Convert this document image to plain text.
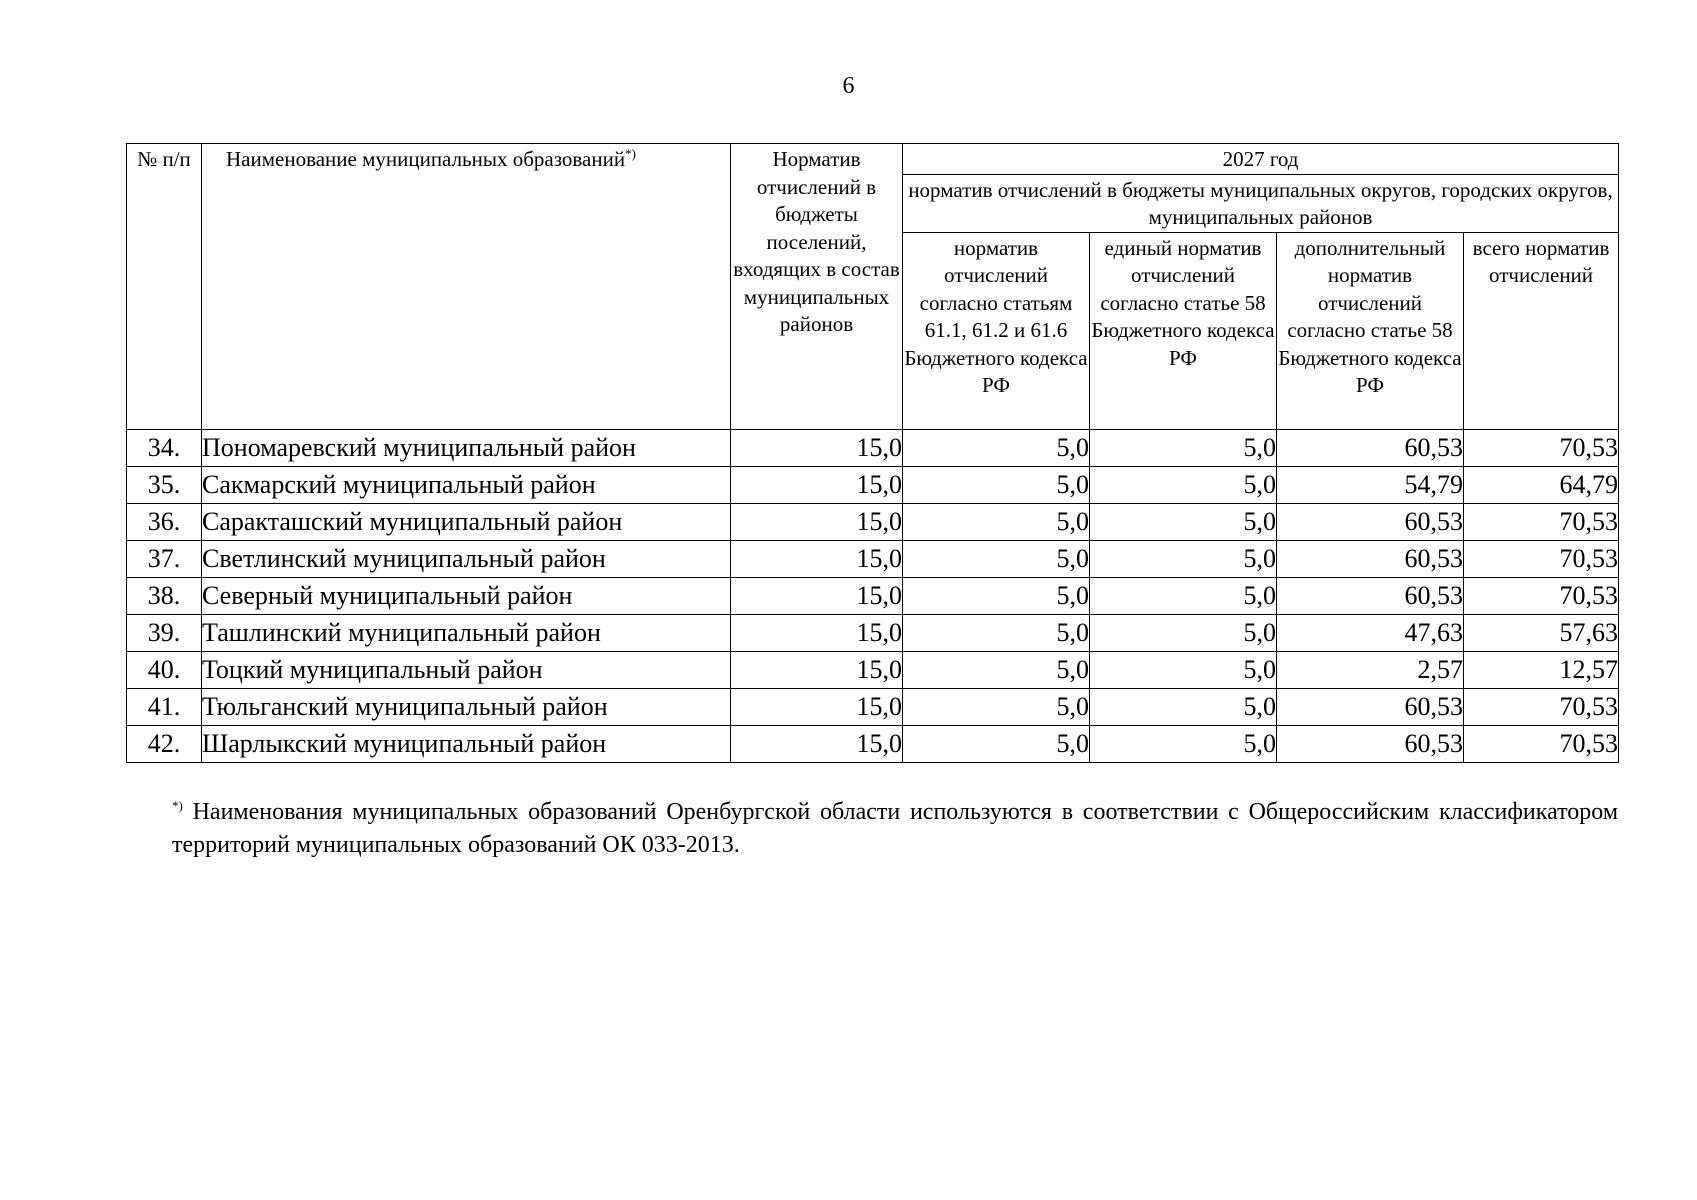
6
№ п/п	Наименование муниципальных образований*)	Норматив отчислений в бюджеты поселений, входящих в состав муниципальных районов	2027 год			
			норматив отчислений в бюджеты муниципальных округов, городских округов, муниципальных районов			
			норматив отчислений согласно статьям 61.1, 61.2 и 61.6 Бюджетного кодекса РФ	единый норматив отчислений согласно статье 58 Бюджетного кодекса РФ	дополнительный норматив отчислений согласно статье 58 Бюджетного кодекса РФ	всего норматив отчислений
34.	Пономаревский муниципальный район	15,0	5,0	5,0	60,53	70,53
35.	Сакмарский муниципальный район	15,0	5,0	5,0	54,79	64,79
36.	Саракташский муниципальный район	15,0	5,0	5,0	60,53	70,53
37.	Светлинский муниципальный район	15,0	5,0	5,0	60,53	70,53
38.	Северный муниципальный район	15,0	5,0	5,0	60,53	70,53
39.	Ташлинский муниципальный район	15,0	5,0	5,0	47,63	57,63
40.	Тоцкий муниципальный район	15,0	5,0	5,0	2,57	12,57
41.	Тюльганский муниципальный район	15,0	5,0	5,0	60,53	70,53
42.	Шарлыкский муниципальный район	15,0	5,0	5,0	60,53	70,53
*) Наименования муниципальных образований Оренбургской области используются в соответствии с Общероссийским классификатором территорий муниципальных образований ОК 033-2013.
